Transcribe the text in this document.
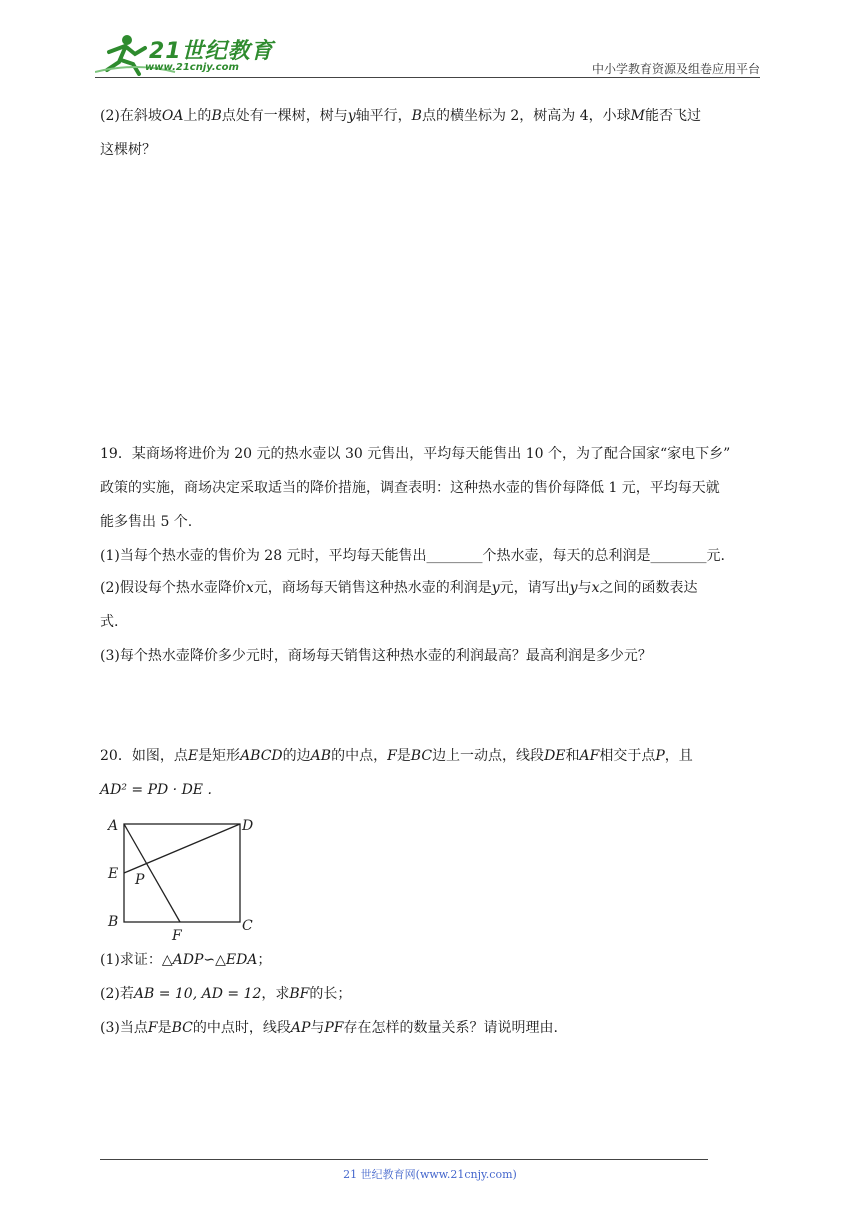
21世纪教育
www.21cnjy.com	中小学教育资源及组卷应用平台
(2)在斜坡OA上的B点处有一棵树，树与y轴平行，B点的横坐标为 2，树高为 4，小球M能否飞过
这棵树？
19．某商场将进价为 20 元的热水壶以 30 元售出，平均每天能售出 10 个，为了配合国家“家电下乡”
政策的实施，商场决定采取适当的降价措施，调查表明：这种热水壶的售价每降低 1 元，平均每天就
能多售出 5 个.
(1)当每个热水壶的售价为 28 元时，平均每天能售出________个热水壶，每天的总利润是________元.
(2)假设每个热水壶降价x元，商场每天销售这种热水壶的利润是y元，请写出y与x之间的函数表达
式.
(3)每个热水壶降价多少元时，商场每天销售这种热水壶的利润最高？最高利润是多少元？
20．如图，点E是矩形ABCD的边AB的中点，F是BC边上一动点，线段DE和AF相交于点P，且
AD² = PD · DE .
A	D
E P
B	C
F
(1)求证：△ADP∽△EDA；
(2)若AB = 10, AD = 12，求BF的长；
(3)当点F是BC的中点时，线段AP与PF存在怎样的数量关系？请说明理由.
21 世纪教育网(www.21cnjy.com)
